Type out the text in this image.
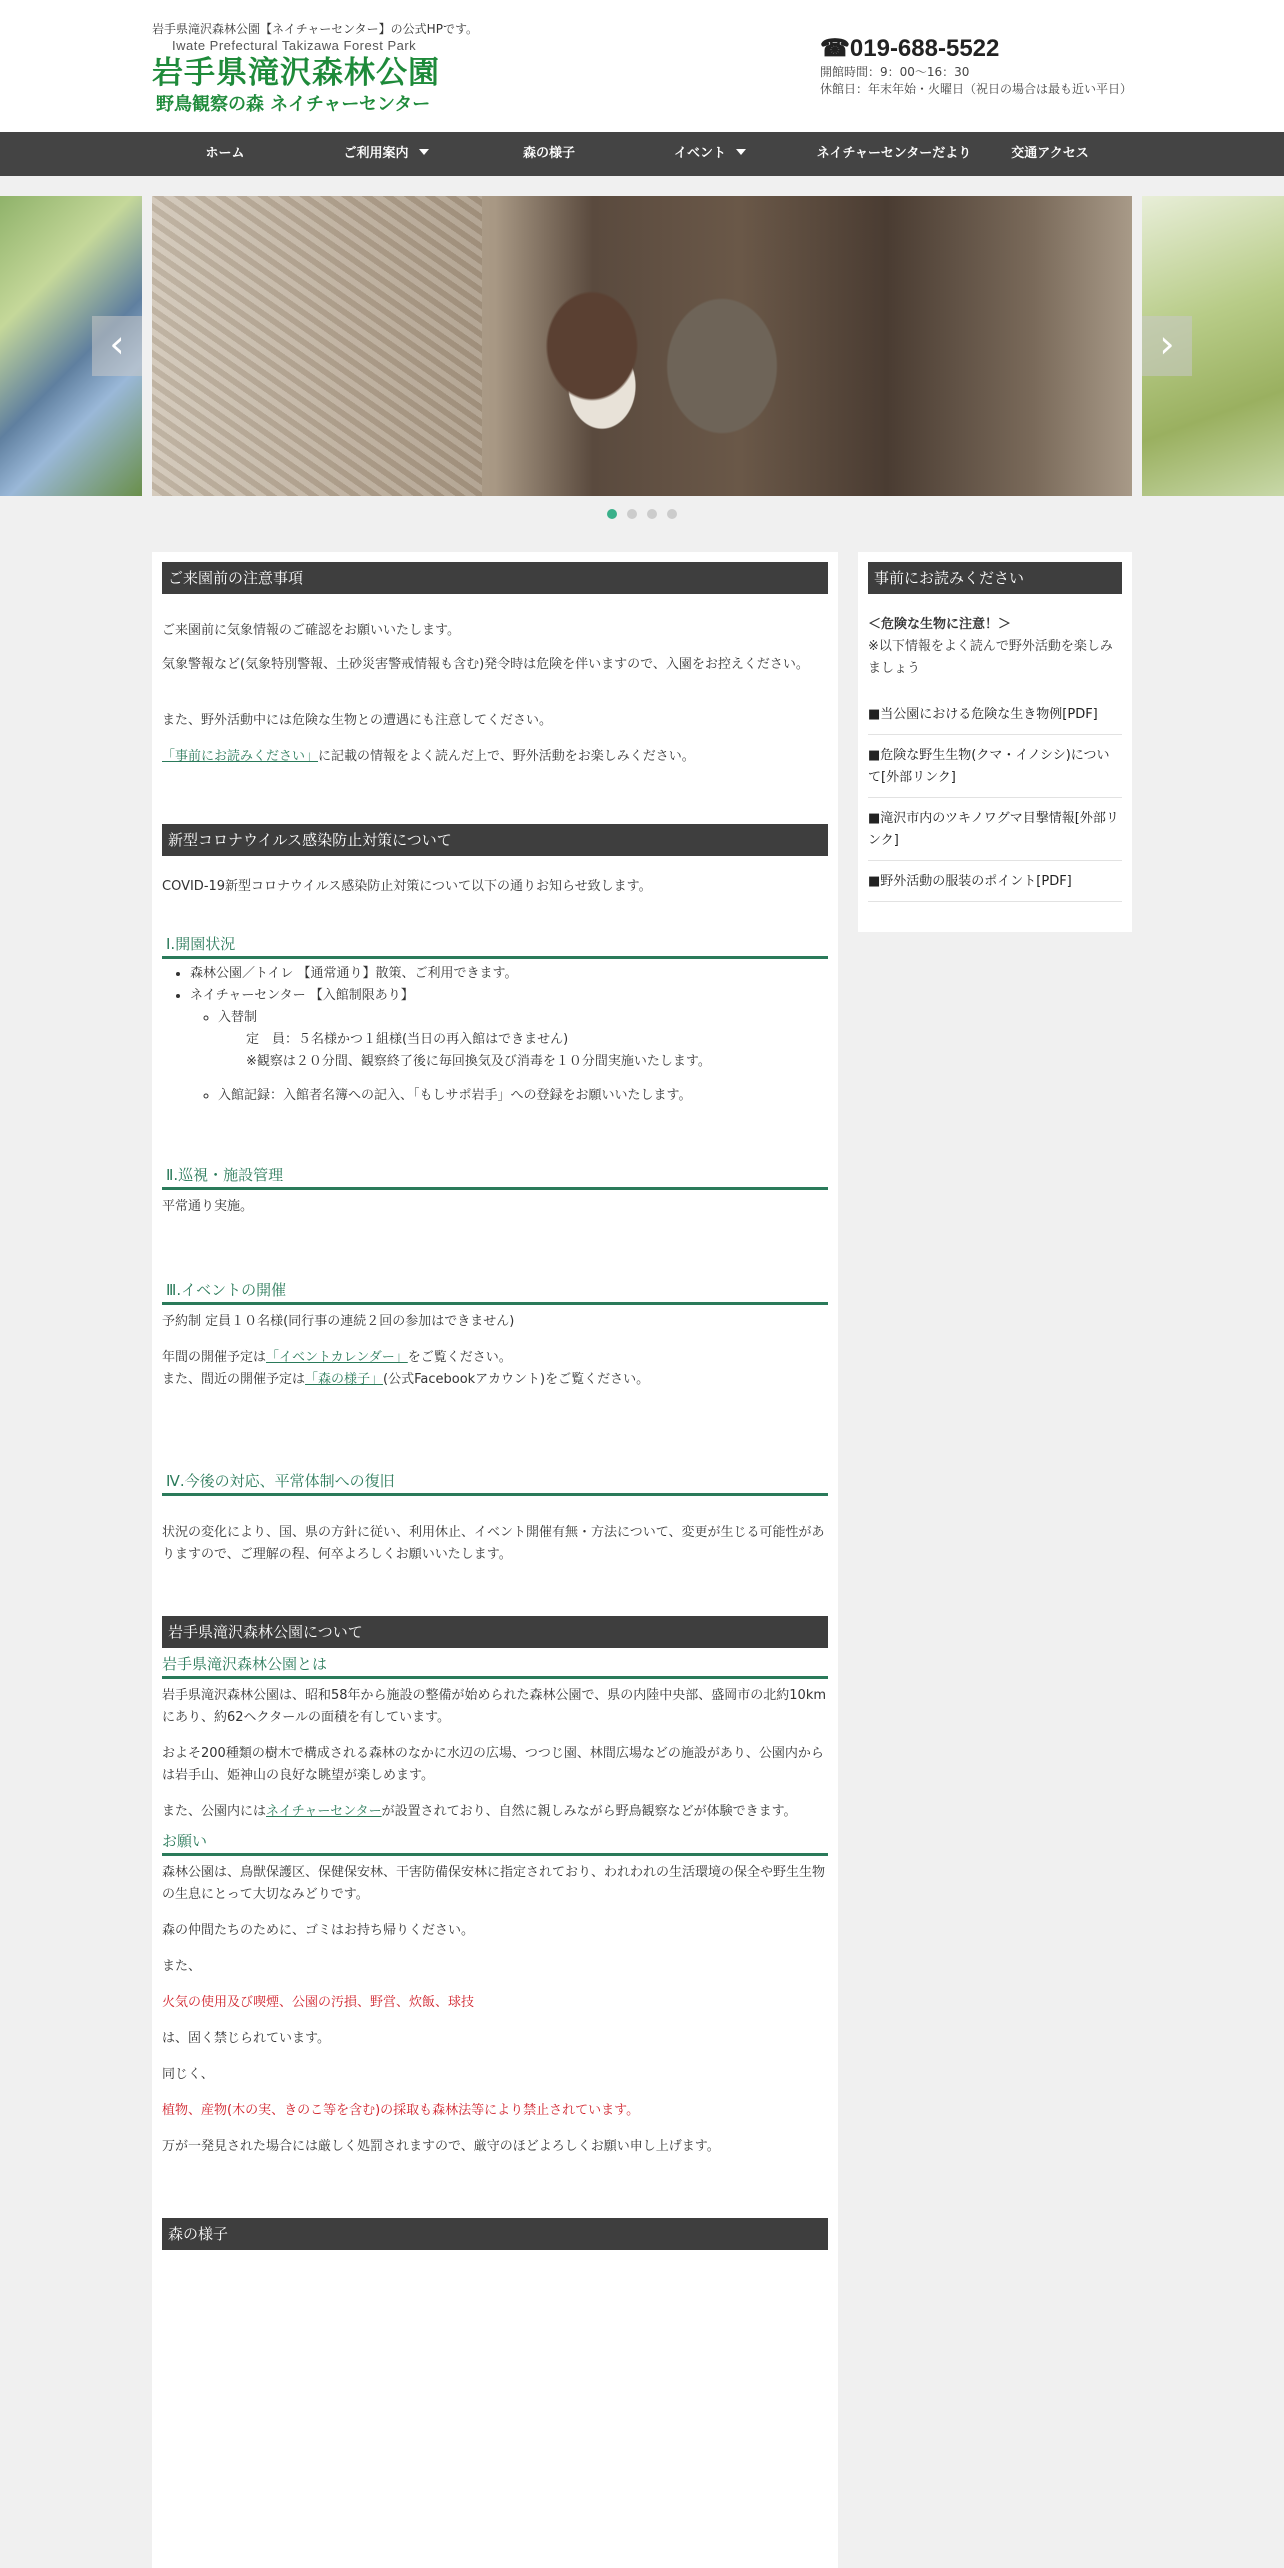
岩手県滝沢森林公園【ネイチャーセンター】の公式HPです。
Iwate Prefectural Takizawa Forest Park
岩手県滝沢森林公園
野鳥観察の森 ネイチャーセンター
☎019-688-5522
開館時間：9：00～16：30
休館日：年末年始・火曜日（祝日の場合は最も近い平日）
ホーム	ご利用案内	森の様子	イベント	ネイチャーセンターだより	交通アクセス
‹	›
ご来園前の注意事項
ご来園前に気象情報のご確認をお願いいたします。
気象警報など(気象特別警報、土砂災害警戒情報も含む)発令時は危険を伴いますので、入園をお控えください。
また、野外活動中には危険な生物との遭遇にも注意してください。
「事前にお読みください」に記載の情報をよく読んだ上で、野外活動をお楽しみください。
新型コロナウイルス感染防止対策について
COVID-19新型コロナウイルス感染防止対策について以下の通りお知らせ致します。
Ⅰ.開園状況
• 森林公園／トイレ 【通常通り】散策、ご利用できます。
• ネイチャーセンター 【入館制限あり】
◦ 入替制
定　員：５名様かつ１組様(当日の再入館はできません)
※観察は２０分間、観察終了後に毎回換気及び消毒を１０分間実施いたします。
◦ 入館記録：入館者名簿への記入、「もしサポ岩手」への登録をお願いいたします。
Ⅱ.巡視・施設管理
平常通り実施。
Ⅲ.イベントの開催
予約制 定員１０名様(同行事の連続２回の参加はできません)
年間の開催予定は「イベントカレンダー」をご覧ください。
また、間近の開催予定は「森の様子」(公式Facebookアカウント)をご覧ください。
Ⅳ.今後の対応、平常体制への復旧
状況の変化により、国、県の方針に従い、利用休止、イベント開催有無・方法について、変更が生じる可能性がありますので、ご理解の程、何卒よろしくお願いいたします。
岩手県滝沢森林公園について
岩手県滝沢森林公園とは
岩手県滝沢森林公園は、昭和58年から施設の整備が始められた森林公園で、県の内陸中央部、盛岡市の北約10kmにあり、約62ヘクタールの面積を有しています。
およそ200種類の樹木で構成される森林のなかに水辺の広場、つつじ園、林間広場などの施設があり、公園内からは岩手山、姫神山の良好な眺望が楽しめます。
また、公園内にはネイチャーセンターが設置されており、自然に親しみながら野鳥観察などが体験できます。
お願い
森林公園は、鳥獣保護区、保健保安林、干害防備保安林に指定されており、われわれの生活環境の保全や野生生物の生息にとって大切なみどりです。
森の仲間たちのために、ゴミはお持ち帰りください。
また、
火気の使用及び喫煙、公園の汚損、野営、炊飯、球技
は、固く禁じられています。
同じく、
植物、産物(木の実、きのこ等を含む)の採取も森林法等により禁止されています。
万が一発見された場合には厳しく処罰されますので、厳守のほどよろしくお願い申し上げます。
森の様子
事前にお読みください
＜危険な生物に注意！＞
※以下情報をよく読んで野外活動を楽しみましょう
■当公園における危険な生き物例[PDF]
■危険な野生生物(クマ・イノシシ)について[外部リンク]
■滝沢市内のツキノワグマ目撃情報[外部リンク]
■野外活動の服装のポイント[PDF]
